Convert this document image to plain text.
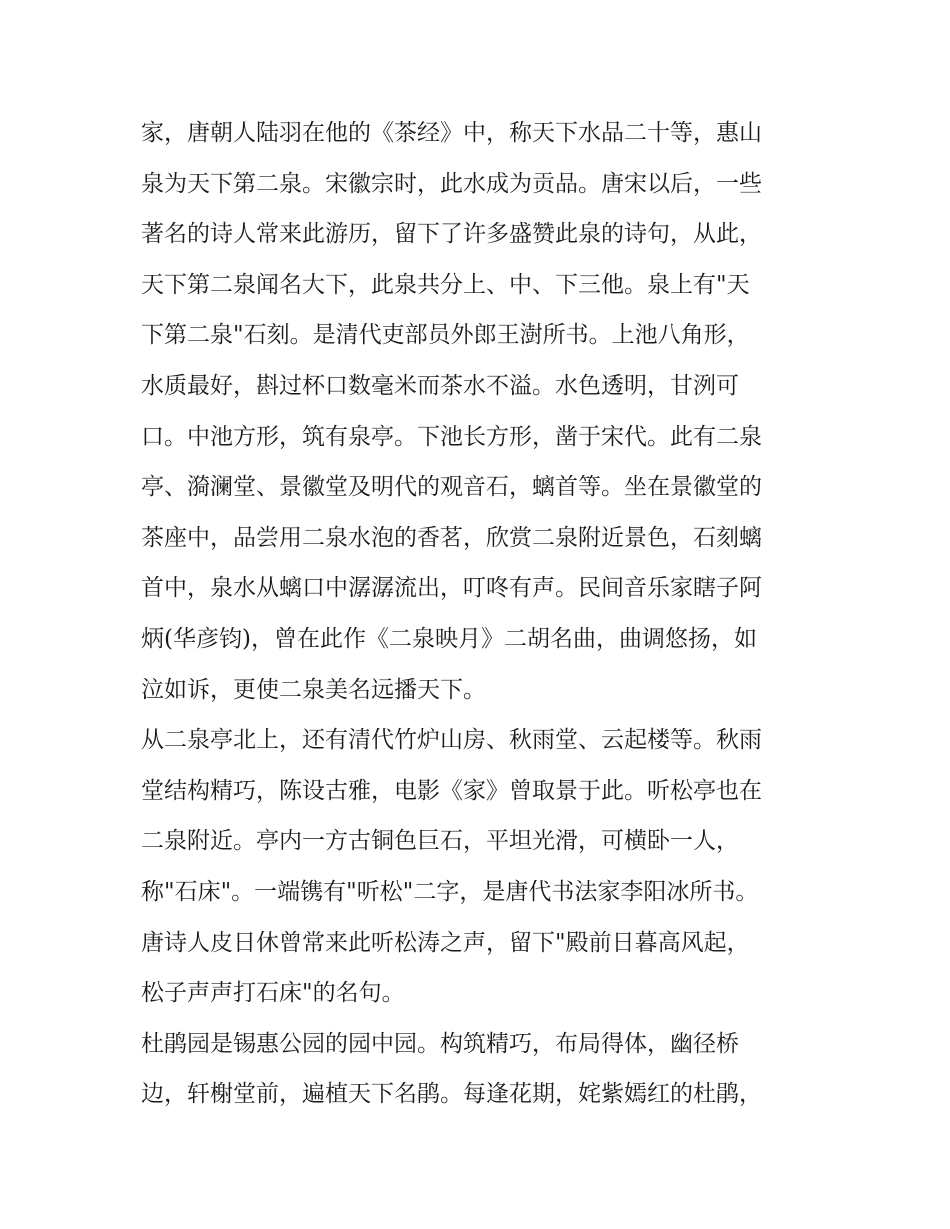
家，唐朝人陆羽在他的《茶经》中，称天下水品二十等，惠山
泉为天下第二泉。宋徽宗时，此水成为贡品。唐宋以后，一些
著名的诗人常来此游历，留下了许多盛赞此泉的诗句，从此，
天下第二泉闻名大下，此泉共分上、中、下三他。泉上有"天
下第二泉"石刻。是清代吏部员外郎王澍所书。上池八角形，
水质最好，斟过杯口数毫米而茶水不溢。水色透明，甘洌可
口。中池方形，筑有泉亭。下池长方形，凿于宋代。此有二泉
亭、漪澜堂、景徽堂及明代的观音石，螭首等。坐在景徽堂的
茶座中，品尝用二泉水泡的香茗，欣赏二泉附近景色，石刻螭
首中，泉水从螭口中潺潺流出，叮咚有声。民间音乐家瞎子阿
炳(华彦钧)，曾在此作《二泉映月》二胡名曲，曲调悠扬，如
泣如诉，更使二泉美名远播天下。
从二泉亭北上，还有清代竹炉山房、秋雨堂、云起楼等。秋雨
堂结构精巧，陈设古雅，电影《家》曾取景于此。听松亭也在
二泉附近。亭内一方古铜色巨石，平坦光滑，可横卧一人，
称"石床"。一端镌有"听松"二字，是唐代书法家李阳冰所书。
唐诗人皮日休曾常来此听松涛之声，留下"殿前日暮高风起，
松子声声打石床"的名句。
杜鹃园是锡惠公园的园中园。构筑精巧，布局得体，幽径桥
边，轩榭堂前，遍植天下名鹃。每逢花期，姹紫嫣红的杜鹃，
